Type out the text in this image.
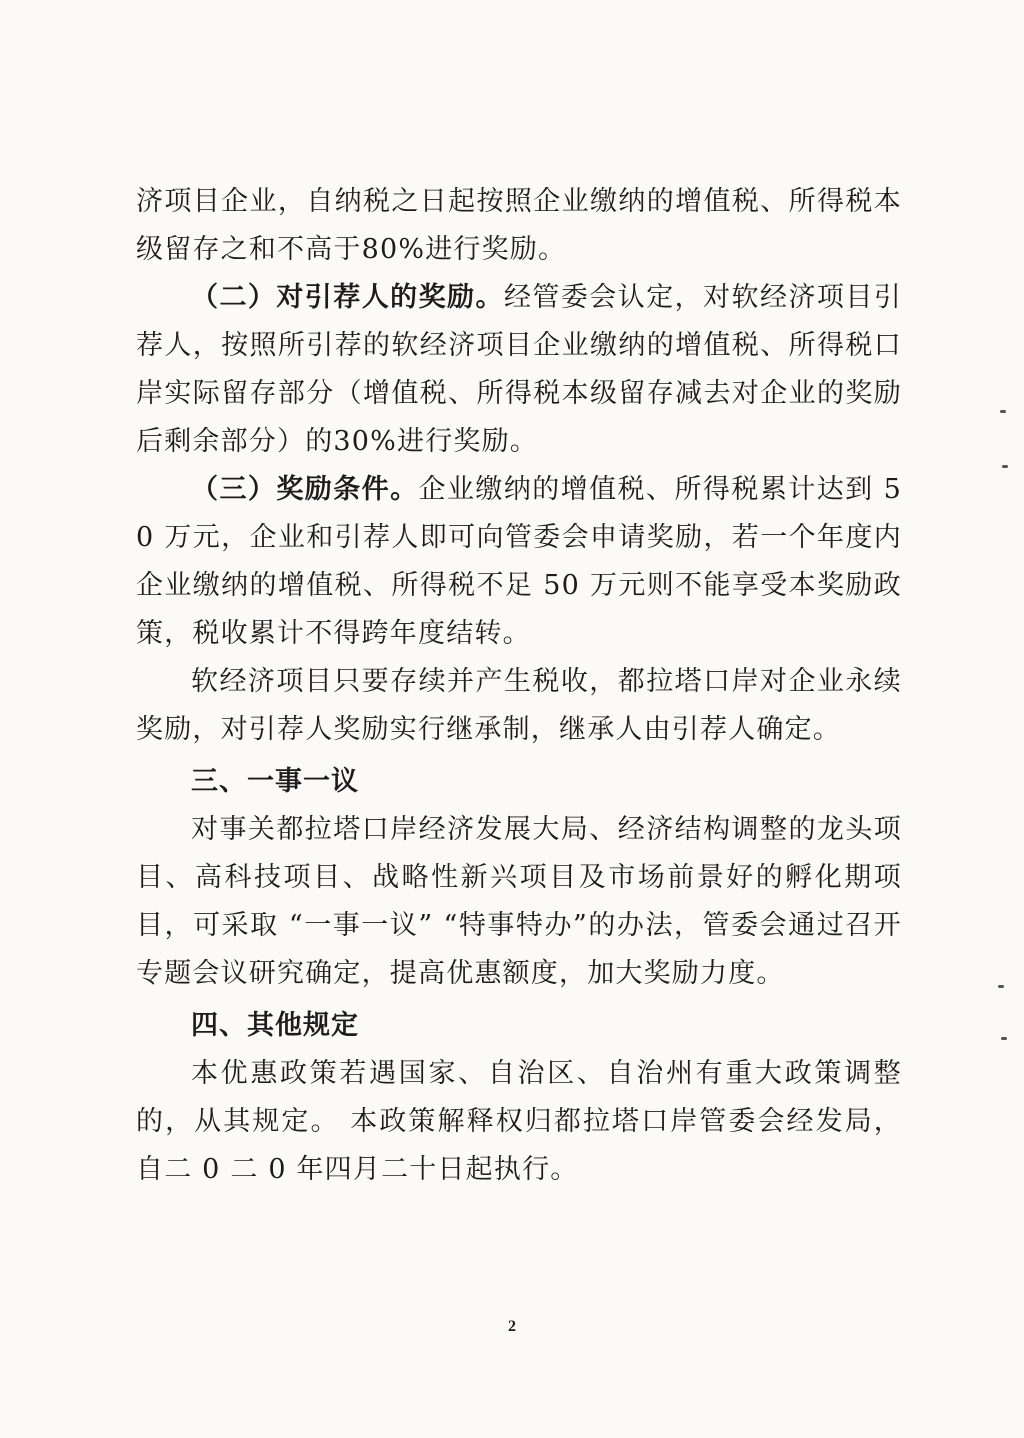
济项目企业，自纳税之日起按照企业缴纳的增值税、所得税本级留存之和不高于80%进行奖励。

（二）对引荐人的奖励。经管委会认定，对软经济项目引荐人，按照所引荐的软经济项目企业缴纳的增值税、所得税口岸实际留存部分（增值税、所得税本级留存减去对企业的奖励后剩余部分）的30%进行奖励。

（三）奖励条件。企业缴纳的增值税、所得税累计达到 50 万元，企业和引荐人即可向管委会申请奖励，若一个年度内企业缴纳的增值税、所得税不足 50 万元则不能享受本奖励政策，税收累计不得跨年度结转。

软经济项目只要存续并产生税收，都拉塔口岸对企业永续奖励，对引荐人奖励实行继承制，继承人由引荐人确定。

三、一事一议

对事关都拉塔口岸经济发展大局、经济结构调整的龙头项目、高科技项目、战略性新兴项目及市场前景好的孵化期项目，可采取 “一事一议” “特事特办”的办法，管委会通过召开专题会议研究确定，提高优惠额度，加大奖励力度。

四、其他规定

本优惠政策若遇国家、自治区、自治州有重大政策调整的，从其规定。 本政策解释权归都拉塔口岸管委会经发局，自二 0 二 0 年四月二十日起执行。

2
